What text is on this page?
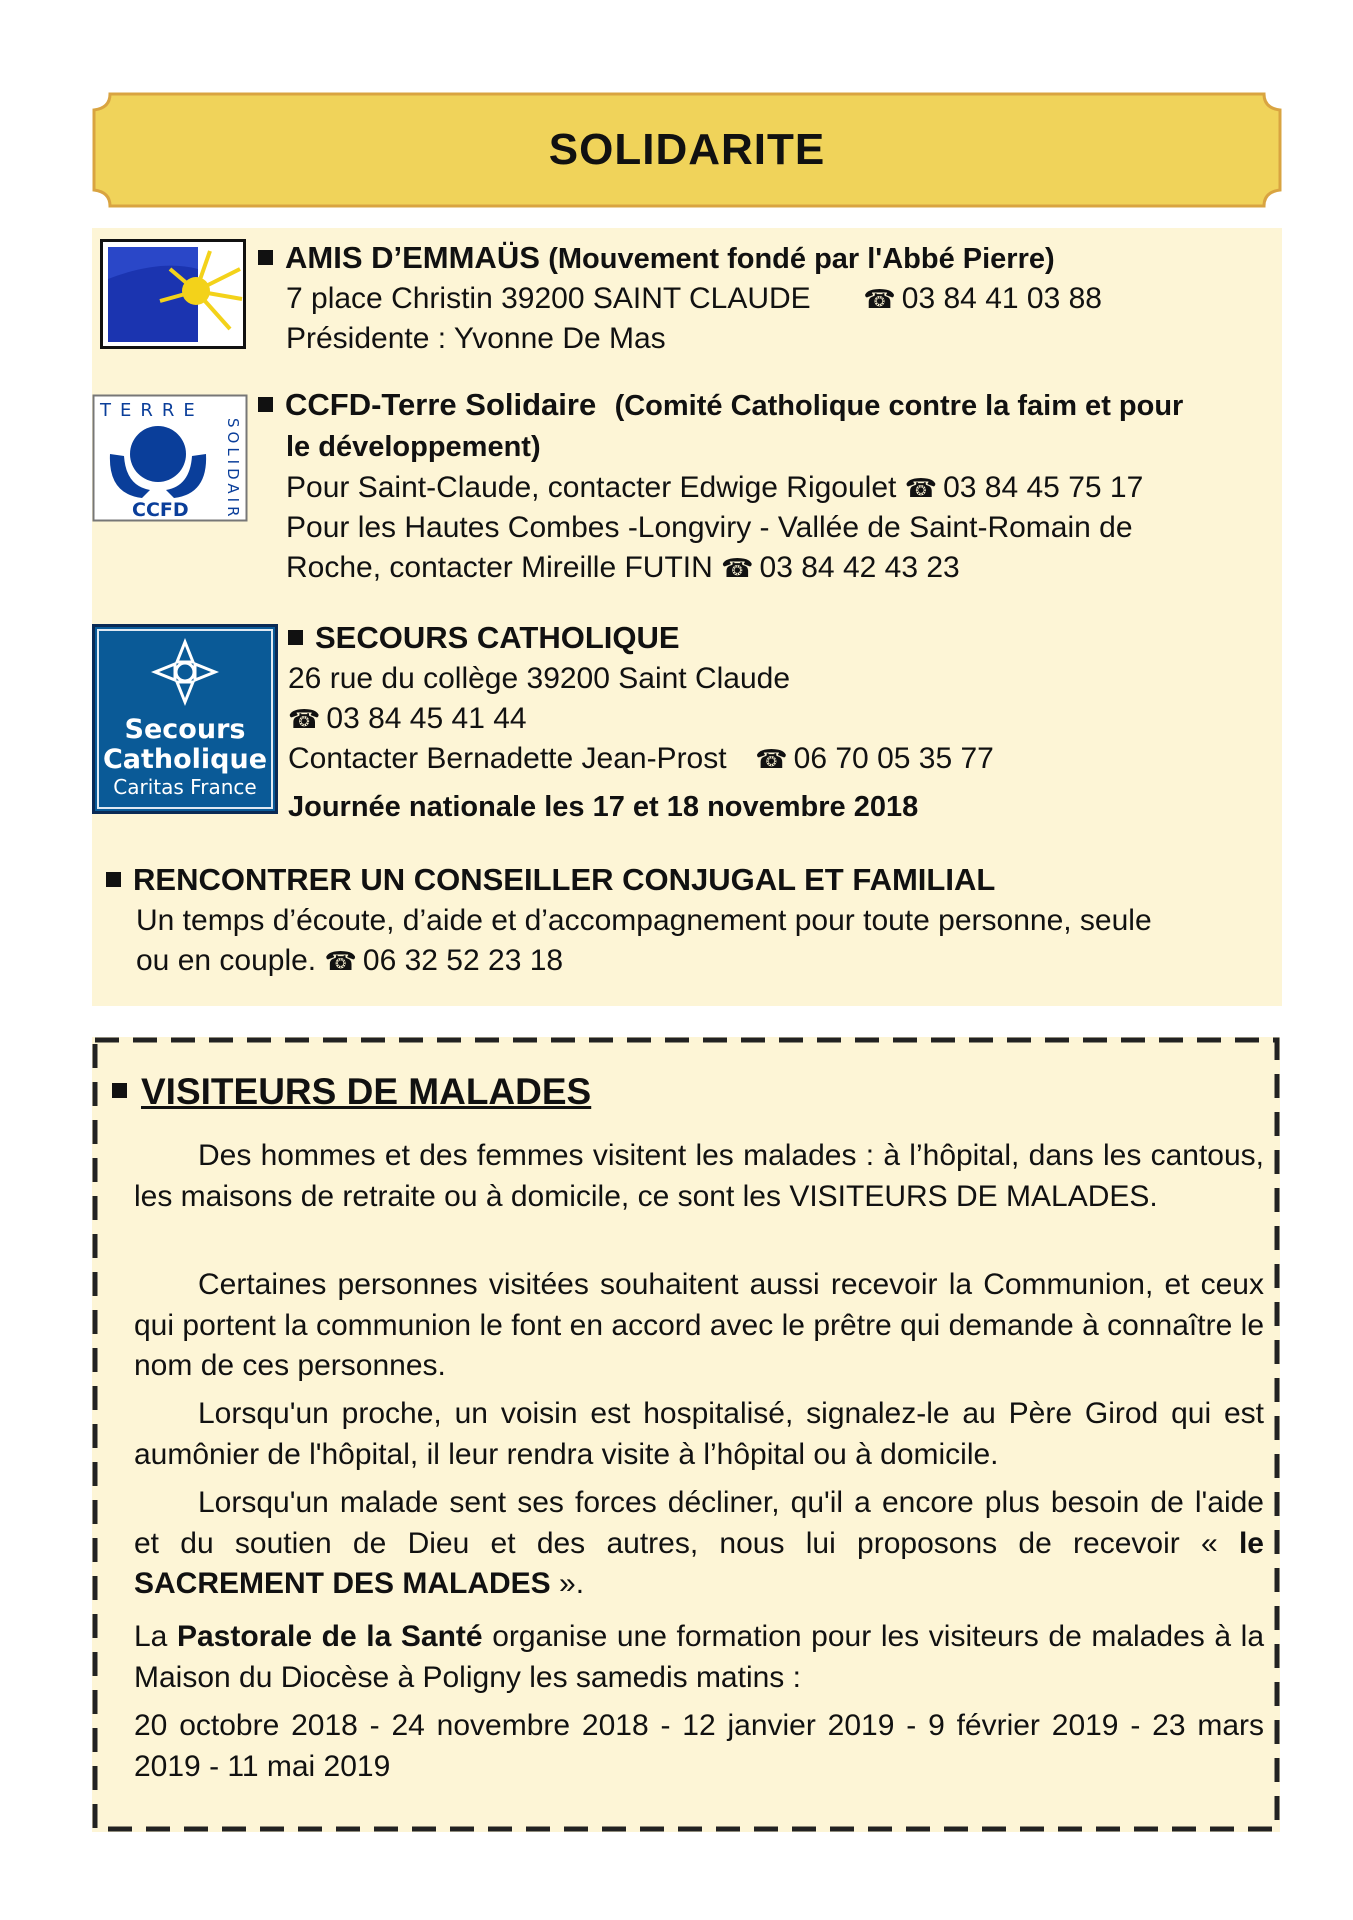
SOLIDARITE
AMIS D’EMMAÜS (Mouvement fondé par l'Abbé Pierre)
7 place Christin 39200 SAINT CLAUDE ☎ 03 84 41 03 88
Présidente : Yvonne De Mas
CCFD
TERRE
SOLIDAIRE
CCFD-Terre Solidaire (Comité Catholique contre la faim et pour
le développement)
Pour Saint-Claude, contacter Edwige Rigoulet ☎ 03 84 45 75 17
Pour les Hautes Combes -Longviry - Vallée de Saint-Romain de
Roche, contacter Mireille FUTIN ☎ 03 84 42 43 23
Secours
Catholique
Caritas France
SECOURS CATHOLIQUE
26 rue du collège 39200 Saint Claude
☎ 03 84 45 41 44
Contacter Bernadette Jean-Prost ☎ 06 70 05 35 77
Journée nationale les 17 et 18 novembre 2018
RENCONTRER UN CONSEILLER CONJUGAL ET FAMILIAL
Un temps d’écoute, d’aide et d’accompagnement pour toute personne, seule
ou en couple. ☎ 06 32 52 23 18
VISITEURS DE MALADES
Des hommes et des femmes visitent les malades : à l’hôpital, dans les cantous, les maisons de retraite ou à domicile, ce sont les VISITEURS DE MALADES.
Certaines personnes visitées souhaitent aussi recevoir la Communion, et ceux qui portent la communion le font en accord avec le prêtre qui demande à connaître le nom de ces personnes.
Lorsqu'un proche, un voisin est hospitalisé, signalez-le au Père Girod qui est aumônier de l'hôpital, il leur rendra visite à l’hôpital ou à domicile.
Lorsqu'un malade sent ses forces décliner, qu'il a encore plus besoin de l'aide et du soutien de Dieu et des autres, nous lui proposons de recevoir « le SACREMENT DES MALADES ».
La Pastorale de la Santé organise une formation pour les visiteurs de malades à la Maison du Diocèse à Poligny les samedis matins :
20 octobre 2018 - 24 novembre 2018 - 12 janvier 2019 - 9 février 2019 - 23 mars 2019 - 11 mai 2019
